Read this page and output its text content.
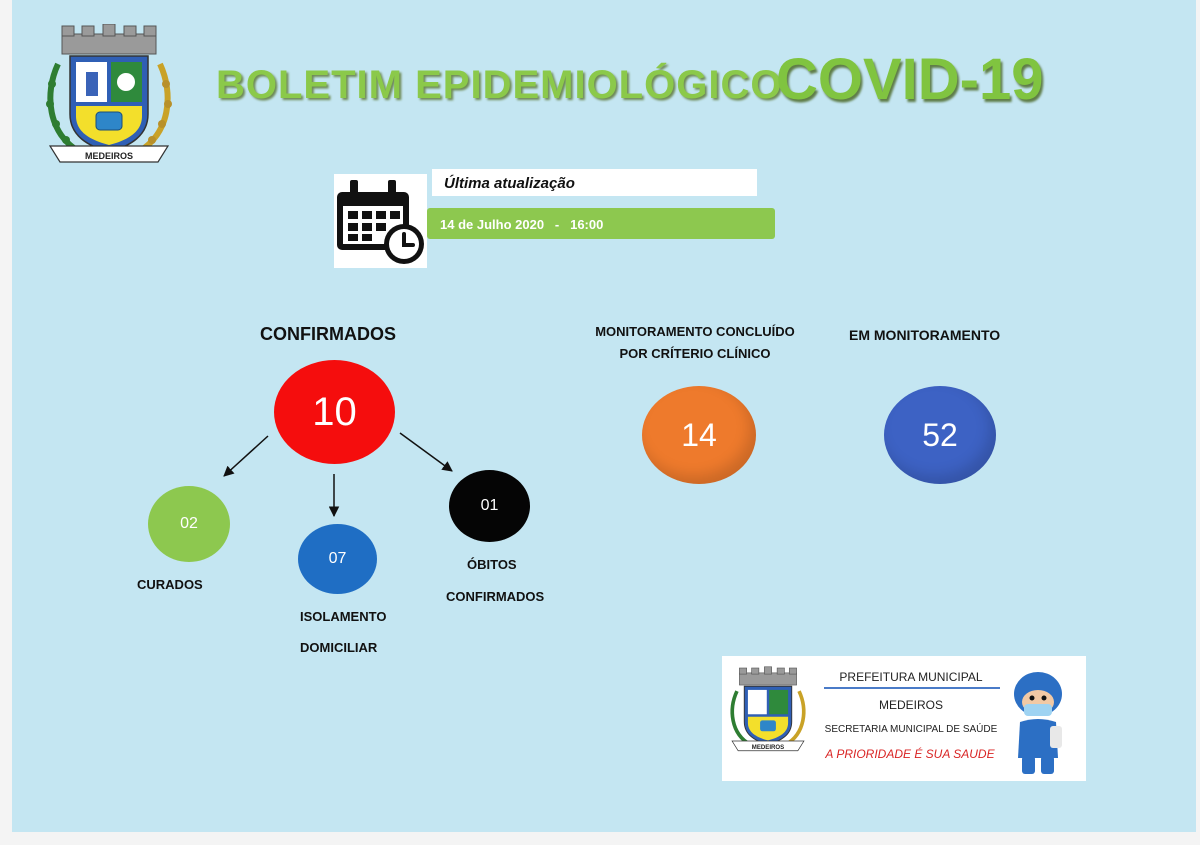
MEDEIROS
BOLETIM EPIDEMIOLÓGICO
COVID-19
Última atualização
14 de Julho 2020 - 16:00
CONFIRMADOS
10
02
CURADOS
07
ISOLAMENTO
DOMICILIAR
01
ÓBITOS
CONFIRMADOS
MONITORAMENTO CONCLUÍDO
POR CRÍTERIO CLÍNICO
14
EM MONITORAMENTO
52
MEDEIROS
PREFEITURA MUNICIPAL
MEDEIROS
SECRETARIA MUNICIPAL DE SAÚDE
A PRIORIDADE É SUA SAUDE
